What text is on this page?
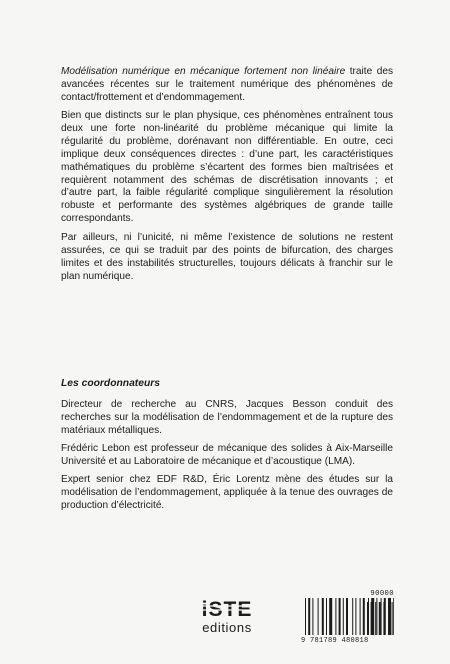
Modélisation numérique en mécanique fortement non linéaire traite des avancées récentes sur le traitement numérique des phénomènes de contact/frottement et d’endommagement.

Bien que distincts sur le plan physique, ces phénomènes entraînent tous deux une forte non-linéarité du problème mécanique qui limite la régularité du problème, dorénavant non différentiable. En outre, ceci implique deux conséquences directes : d’une part, les caractéristiques mathématiques du problème s’écartent des formes bien maîtrisées et requièrent notamment des schémas de discrétisation innovants ; et d’autre part, la faible régularité complique singulièrement la résolution robuste et performante des systèmes algébriques de grande taille correspondants.

Par ailleurs, ni l’unicité, ni même l’existence de solutions ne restent assurées, ce qui se traduit par des points de bifurcation, des charges limites et des instabilités structurelles, toujours délicats à franchir sur le plan numérique.

Les coordonnateurs

Directeur de recherche au CNRS, Jacques Besson conduit des recherches sur la modélisation de l’endommagement et de la rupture des matériaux métalliques.

Frédéric Lebon est professeur de mécanique des solides à Aix-Marseille Université et au Laboratoire de mécanique et d’acoustique (LMA).

Expert senior chez EDF R&D, Éric Lorentz mène des études sur la modélisation de l’endommagement, appliquée à la tenue des ouvrages de production d’électricité.

iSTE
editions
90000
9 781789 480818
